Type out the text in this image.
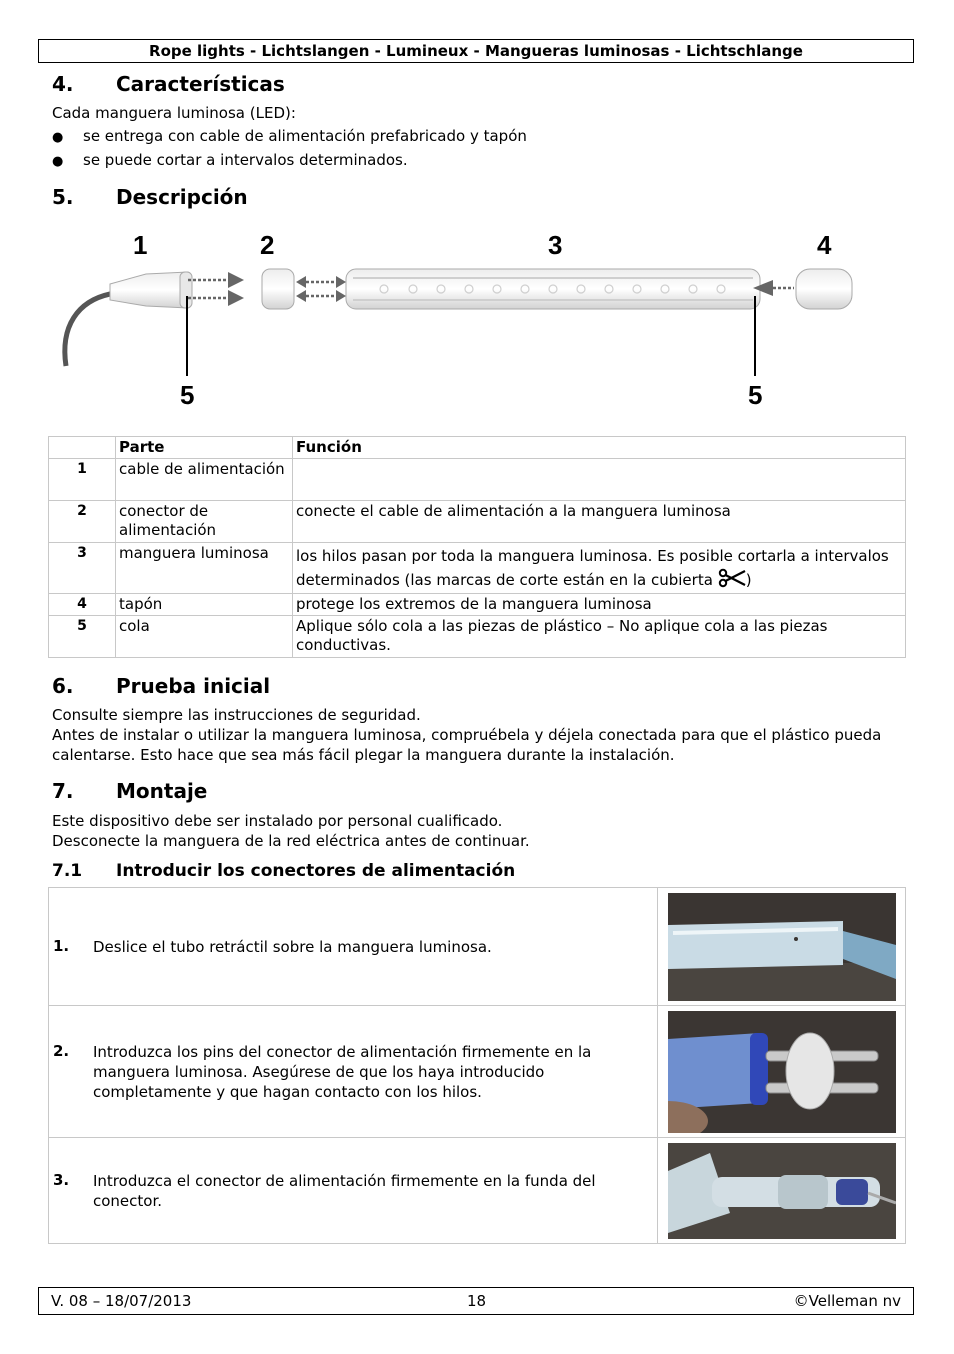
Rope lights - Lichtslangen - Lumineux - Mangueras luminosas - Lichtschlange
4. Características

Cada manguera luminosa (LED):

● se entrega con cable de alimentación prefabricado y tapón
● se puede cortar a intervalos determinados.
5. Descripción
1	2	3	4
5	5
	Parte	Función
1	cable de alimentación	
2	conector de alimentación	conecte el cable de alimentación a la manguera luminosa
3	manguera luminosa	los hilos pasan por toda la manguera luminosa. Es posible cortarla a intervalos determinados (las marcas de corte están en la cubierta )
4	tapón	protege los extremos de la manguera luminosa
5	cola	Aplique sólo cola a las piezas de plástico – No aplique cola a las piezas conductivas.
6. Prueba inicial

Consulte siempre las instrucciones de seguridad.

Antes de instalar o utilizar la manguera luminosa, compruébela y déjela conectada para que el plástico pueda calentarse. Esto hace que sea más fácil plegar la manguera durante la instalación.

7. Montaje

Este dispositivo debe ser instalado por personal cualificado.

Desconecte la manguera de la red eléctrica antes de continuar.

7.1 Introducir los conectores de alimentación
1. Deslice el tubo retráctil sobre la manguera luminosa.	

2. Introduzca los pins del conector de alimentación firmemente en la manguera luminosa. Asegúrese de que los haya introducido completamente y que hagan contacto con los hilos.	

3. Introduzca el conector de alimentación firmemente en la funda del conector.	
V. 08 – 18/07/2013	18	©Velleman nv
